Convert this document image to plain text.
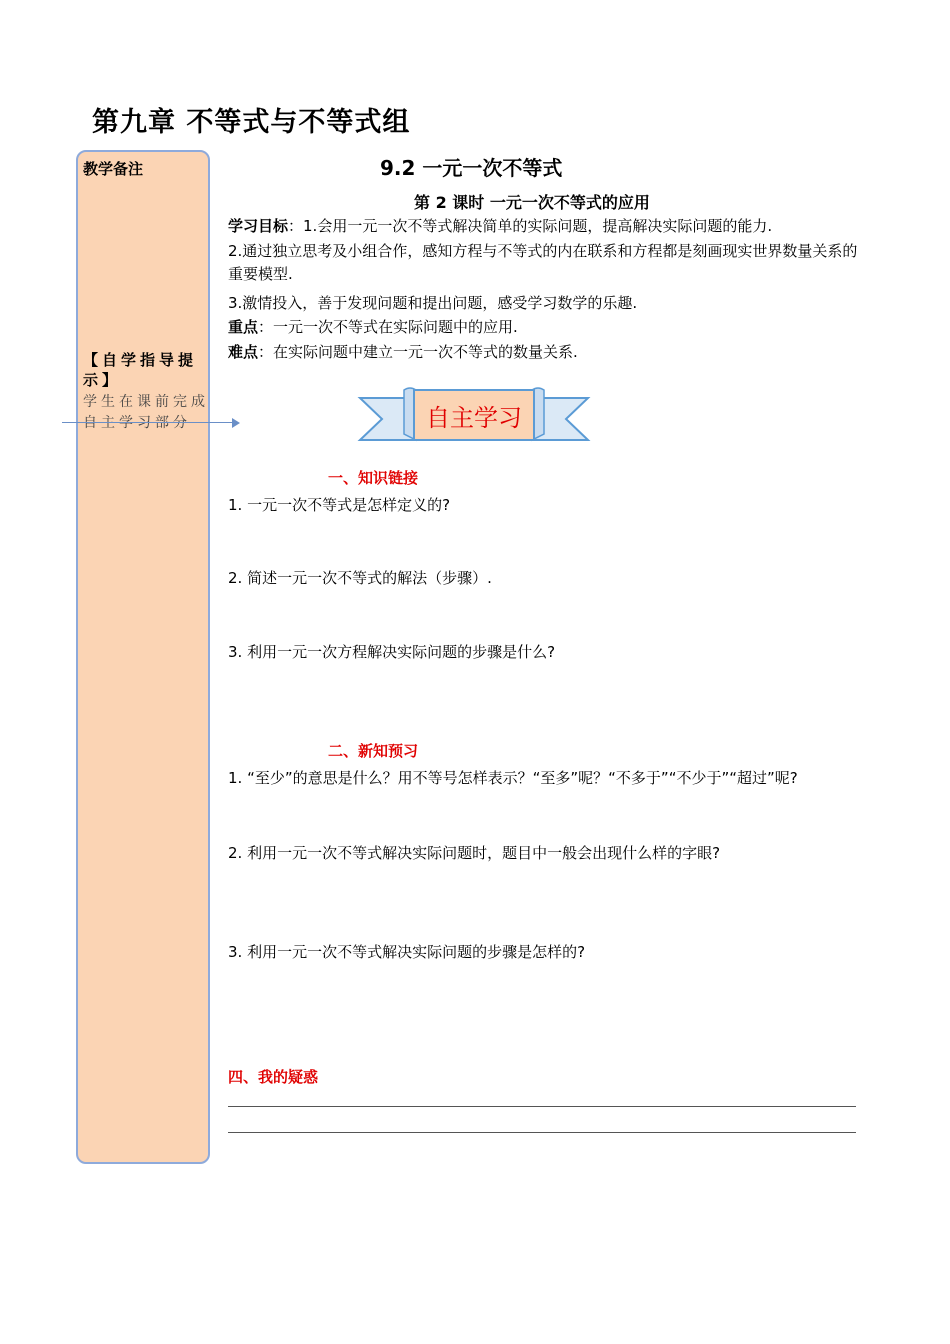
第九章 不等式与不等式组
教学备注
【自学指导提示】
学生在课前完成自主学习部分
9.2 一元一次不等式
第 2 课时 一元一次不等式的应用
学习目标：1.会用一元一次不等式解决简单的实际问题，提高解决实际问题的能力.
2.通过独立思考及小组合作，感知方程与不等式的内在联系和方程都是刻画现实世界数量关系的重要模型.
3.激情投入，善于发现问题和提出问题，感受学习数学的乐趣.
重点：一元一次不等式在实际问题中的应用.
难点：在实际问题中建立一元一次不等式的数量关系.
自主学习
一、知识链接
1. 一元一次不等式是怎样定义的?
2. 简述一元一次不等式的解法（步骤）.
3. 利用一元一次方程解决实际问题的步骤是什么?
二、新知预习
1. “至少”的意思是什么？用不等号怎样表示？“至多”呢？“不多于”“不少于”“超过”呢?
2. 利用一元一次不等式解决实际问题时，题目中一般会出现什么样的字眼?
3. 利用一元一次不等式解决实际问题的步骤是怎样的?
四、我的疑惑
